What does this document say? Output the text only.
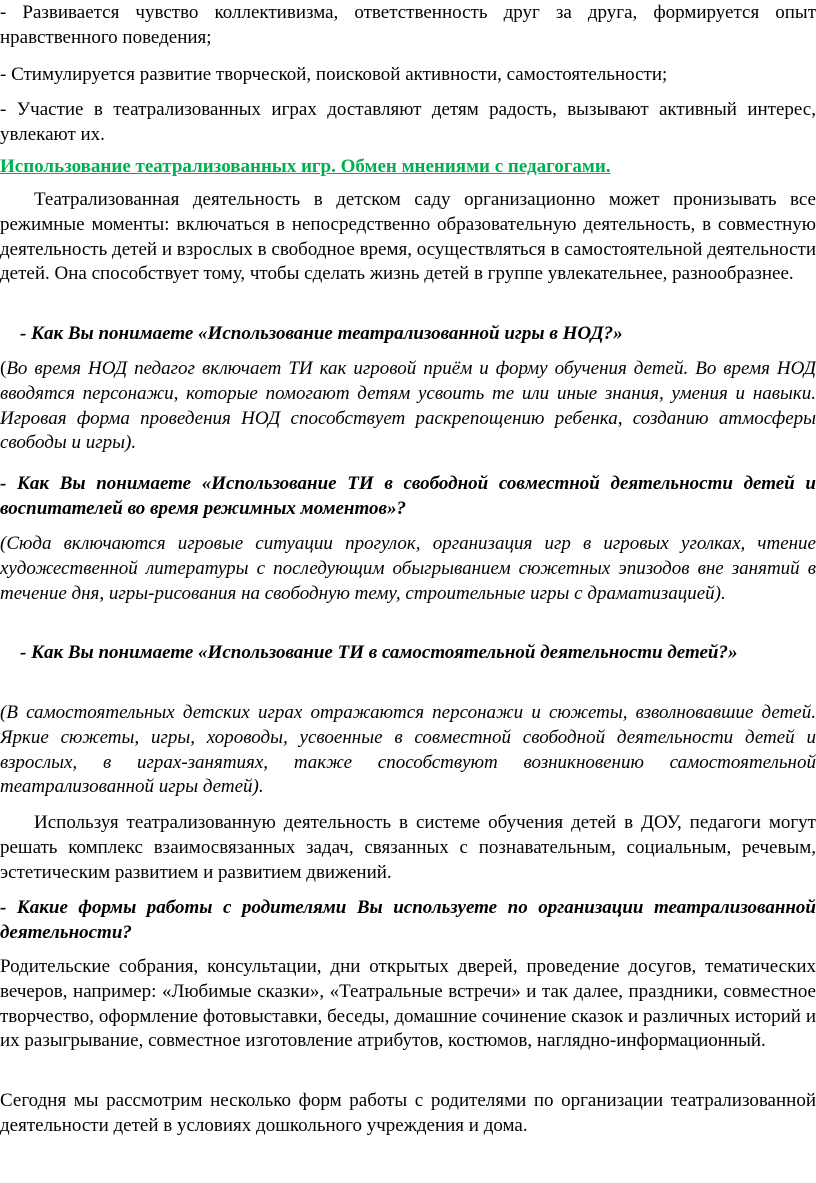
- Развивается чувство коллективизма, ответственность друг за друга, формируется опыт нравственного поведения;

- Стимулируется развитие творческой, поисковой активности, самостоятельности;

- Участие в театрализованных играх доставляют детям радость, вызывают активный интерес, увлекают их.

Использование театрализованных игр. Обмен мнениями с педагогами.

Театрализованная деятельность в детском саду организационно может пронизывать все режимные моменты: включаться в непосредственно образовательную деятельность, в совместную деятельность детей и взрослых в свободное время, осуществляться в самостоятельной деятельности детей. Она способствует тому, чтобы сделать жизнь детей в группе увлекательнее, разнообразнее.

- Как Вы понимаете «Использование театрализованной игры в НОД?»

(Во время НОД педагог включает ТИ как игровой приём и форму обучения детей. Во время НОД вводятся персонажи, которые помогают детям усвоить те или иные знания, умения и навыки. Игровая форма проведения НОД способствует раскрепощению ребенка, созданию атмосферы свободы и игры).

- Как Вы понимаете «Использование ТИ в свободной совместной деятельности детей и воспитателей во время режимных моментов»?

(Сюда включаются игровые ситуации прогулок, организация игр в игровых уголках, чтение художественной литературы с последующим обыгрыванием сюжетных эпизодов вне занятий в течение дня, игры-рисования на свободную тему, строительные игры с драматизацией).

- Как Вы понимаете «Использование ТИ в самостоятельной деятельности детей?»

(В самостоятельных детских играх отражаются персонажи и сюжеты, взволновавшие детей. Яркие сюжеты, игры, хороводы, усвоенные в совместной свободной деятельности детей и взрослых, в играх-занятиях, также способствуют возникновению самостоятельной театрализованной игры детей).

Используя театрализованную деятельность в системе обучения детей в ДОУ, педагоги могут решать комплекс взаимосвязанных задач, связанных с познавательным, социальным, речевым, эстетическим развитием и развитием движений.

- Какие формы работы с родителями Вы используете по организации театрализованной деятельности?

Родительские собрания, консультации, дни открытых дверей, проведение досугов, тематических вечеров, например: «Любимые сказки», «Театральные встречи» и так далее, праздники, совместное творчество, оформление фотовыставки, беседы, домашние сочинение сказок и различных историй и их разыгрывание, совместное изготовление атрибутов, костюмов, наглядно-информационный.

Сегодня мы рассмотрим несколько форм работы с родителями по организации театрализованной деятельности детей в условиях дошкольного учреждения и дома.
